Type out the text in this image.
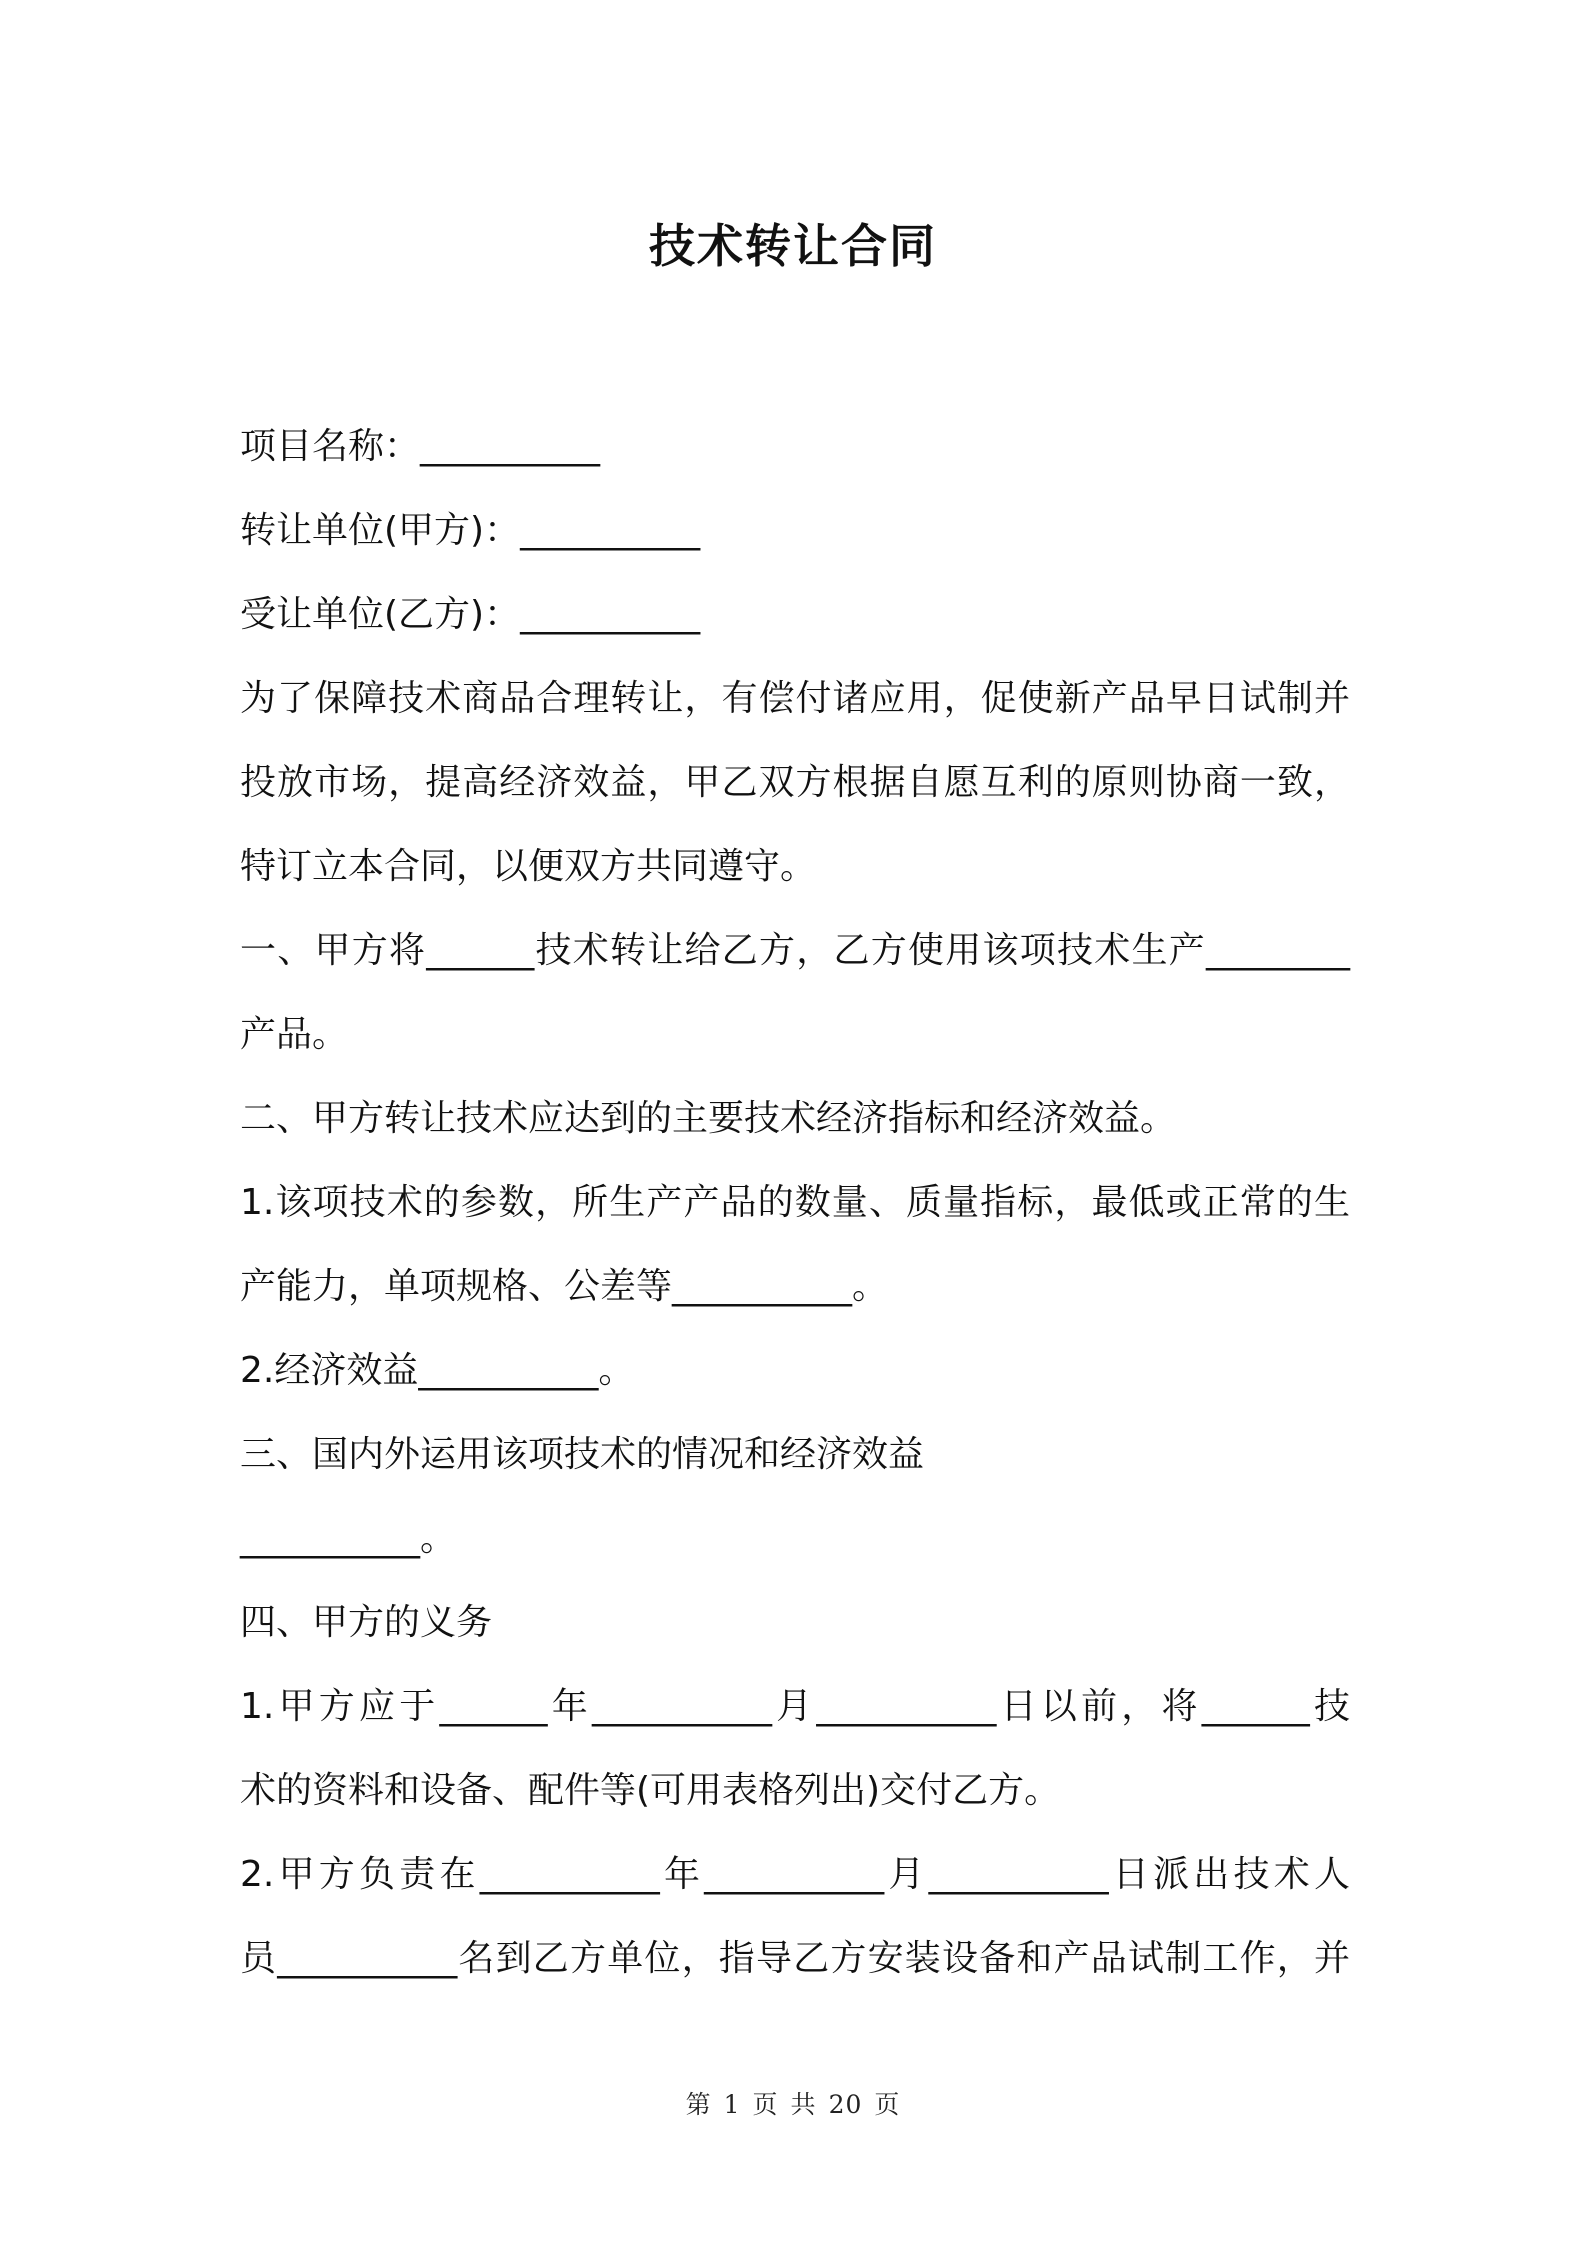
技术转让合同
项目名称：__________
转让单位(甲方)：__________
受让单位(乙方)：__________
为了保障技术商品合理转让，有偿付诸应用，促使新产品早日试制并
投放市场，提高经济效益，甲乙双方根据自愿互利的原则协商一致，
特订立本合同，以便双方共同遵守。
一、甲方将______技术转让给乙方，乙方使用该项技术生产________
产品。
二、甲方转让技术应达到的主要技术经济指标和经济效益。
1.该项技术的参数，所生产产品的数量、质量指标，最低或正常的生
产能力，单项规格、公差等__________。
2.经济效益__________。
三、国内外运用该项技术的情况和经济效益
__________。
四、甲方的义务
1.甲方应于______年__________月__________日以前，将______技
术的资料和设备、配件等(可用表格列出)交付乙方。
2.甲方负责在__________年__________月__________日派出技术人
员__________名到乙方单位，指导乙方安装设备和产品试制工作，并
第 1 页 共 20 页
